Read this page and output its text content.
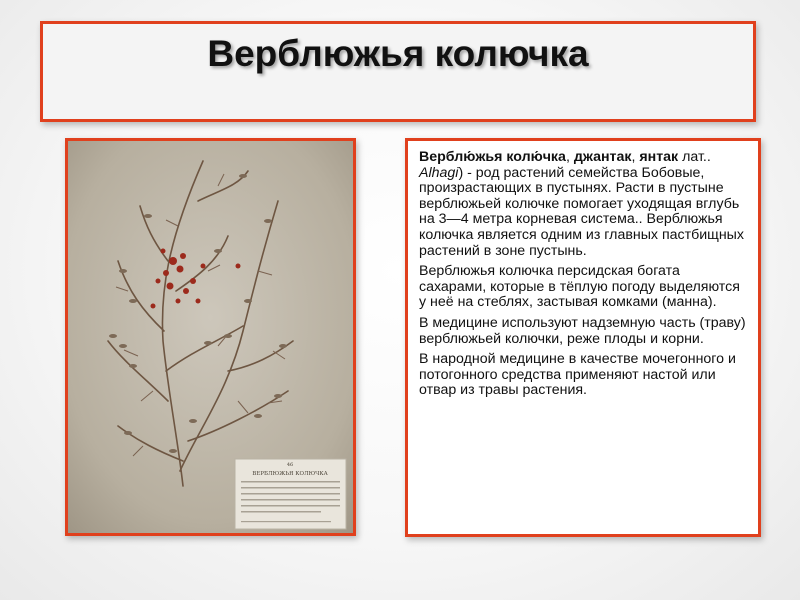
Верблюжья колючка
46
ВЕРБЛЮЖЬЯ КОЛЮЧКА

Верблю́жья колю́чка, джантак, янтак лат.. Alhagi) - род растений семейства Бобовые, произрастающих в пустынях. Расти в пустыне верблюжьей колючке помогает уходящая вглубь на 3—4 метра корневая система.. Верблюжья колючка является одним из главных пастбищных растений в зоне пустынь.

Верблюжья колючка персидская богата сахарами, которые в тёплую погоду выделяются у неё на стеблях, застывая комками (манна).

В медицине используют надземную часть (траву) верблюжьей колючки, реже плоды и корни.

В народной медицине в качестве мочегонного и потогонного средства применяют настой или отвар из травы растения.
